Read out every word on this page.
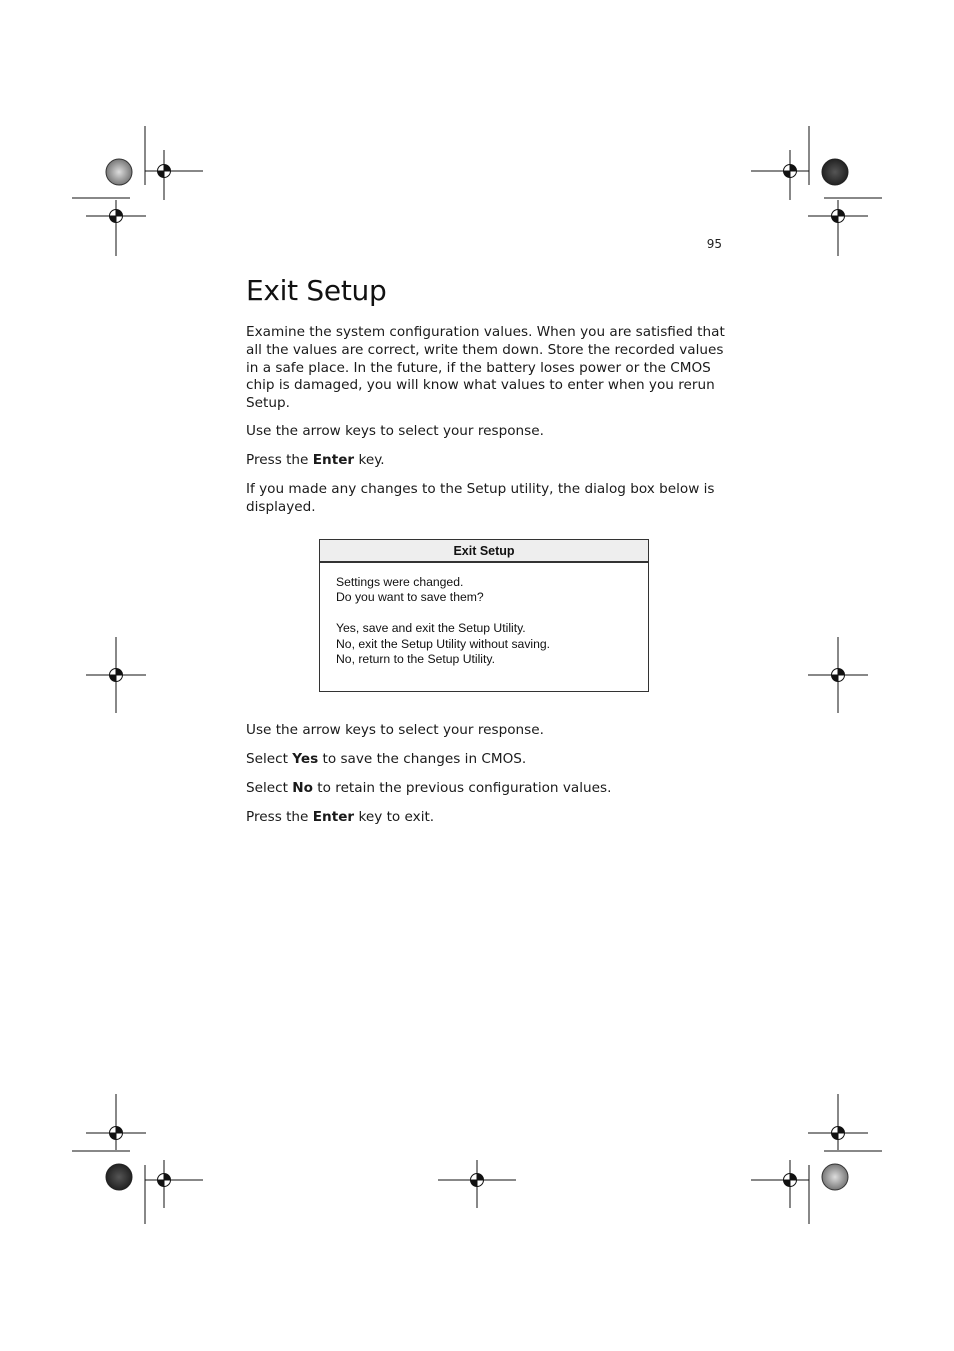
95
Exit Setup

Examine the system configuration values. When you are satisfied that all the values are correct, write them down. Store the recorded values in a safe place. In the future, if the battery loses power or the CMOS chip is damaged, you will know what values to enter when you rerun Setup.

Use the arrow keys to select your response.

Press the Enter key.

If you made any changes to the Setup utility, the dialog box below is displayed.

Exit Setup
Settings were changed.
Do you want to save them?
Yes, save and exit the Setup Utility.
No, exit the Setup Utility without saving.
No, return to the Setup Utility.

Use the arrow keys to select your response.

Select Yes to save the changes in CMOS.

Select No to retain the previous configuration values.

Press the Enter key to exit.
